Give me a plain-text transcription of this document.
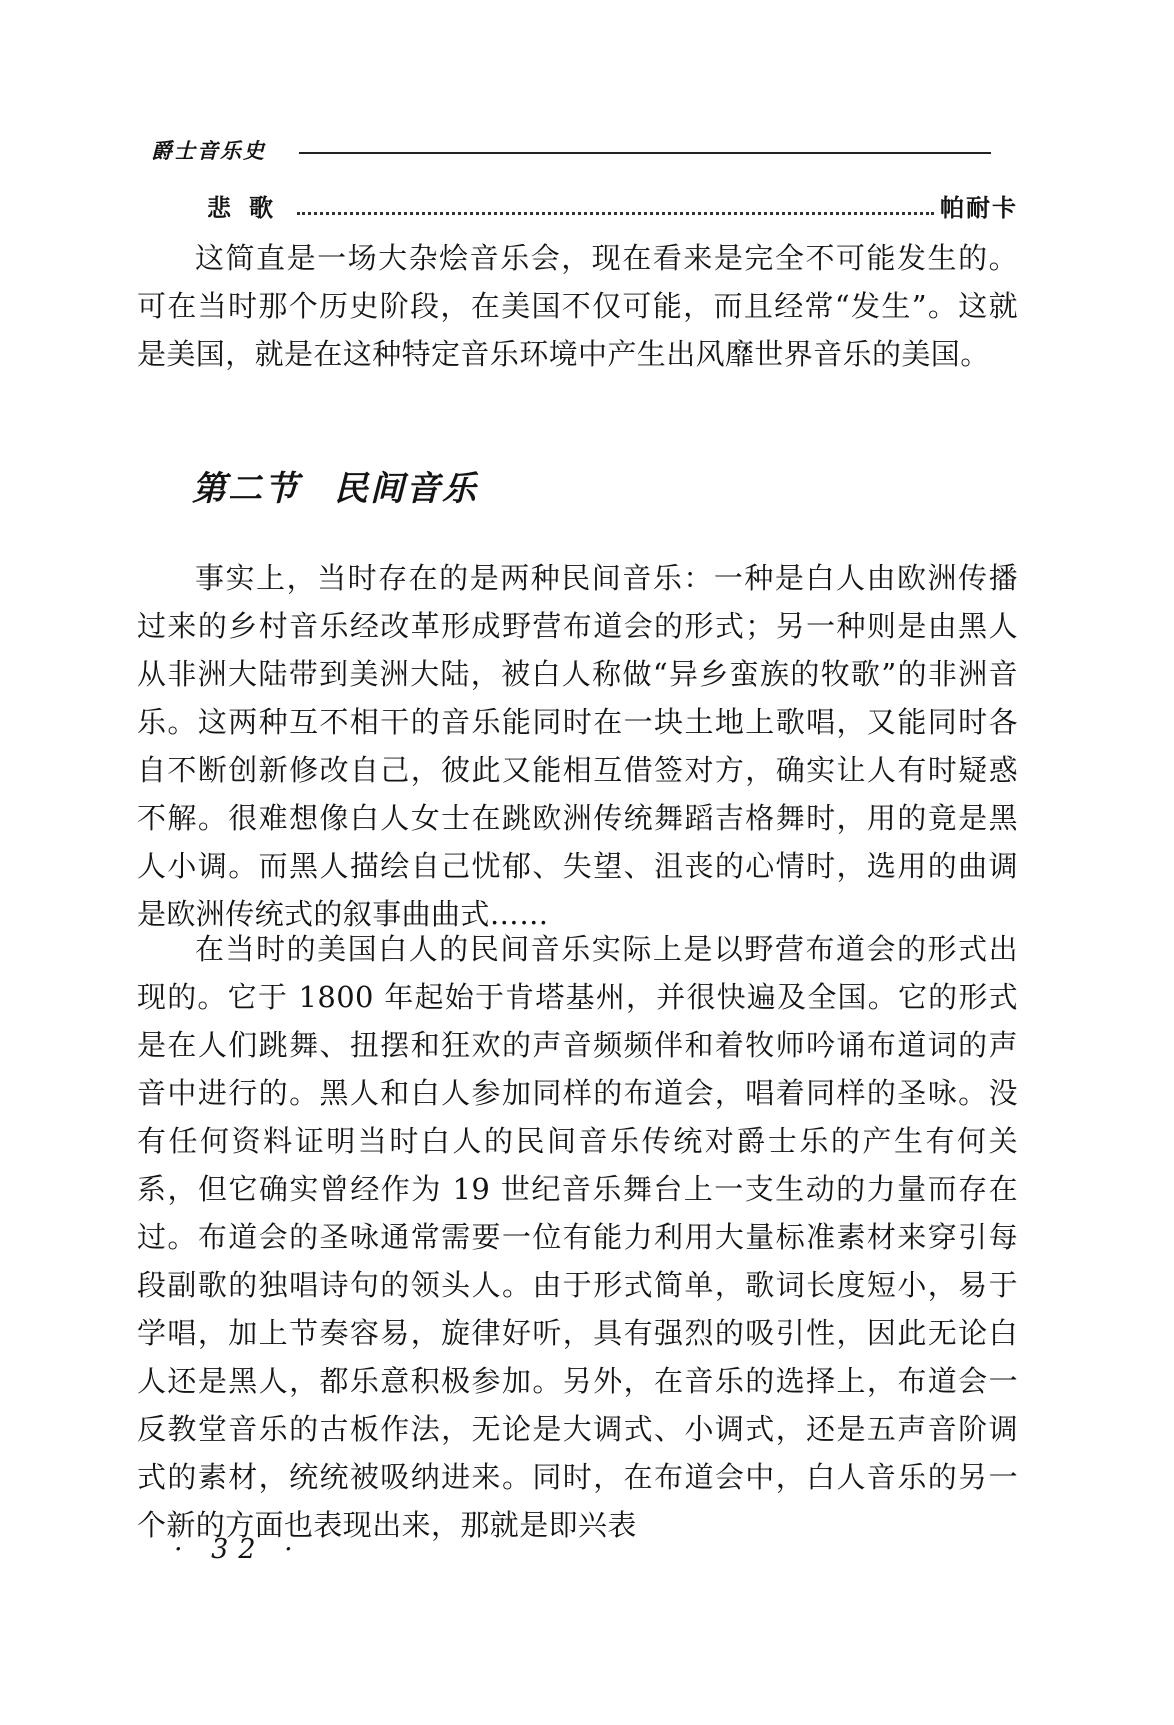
爵士音乐史
悲歌	帕耐卡

这简直是一场大杂烩音乐会，现在看来是完全不可能发生的。可在当时那个历史阶段，在美国不仅可能，而且经常“发生”。这就是美国，就是在这种特定音乐环境中产生出风靡世界音乐的美国。

第二节 民间音乐

事实上，当时存在的是两种民间音乐：一种是白人由欧洲传播过来的乡村音乐经改革形成野营布道会的形式；另一种则是由黑人从非洲大陆带到美洲大陆，被白人称做“异乡蛮族的牧歌”的非洲音乐。这两种互不相干的音乐能同时在一块土地上歌唱，又能同时各自不断创新修改自己，彼此又能相互借签对方，确实让人有时疑惑不解。很难想像白人女士在跳欧洲传统舞蹈吉格舞时，用的竟是黑人小调。而黑人描绘自己忧郁、失望、沮丧的心情时，选用的曲调是欧洲传统式的叙事曲曲式……

在当时的美国白人的民间音乐实际上是以野营布道会的形式出现的。它于 1800 年起始于肯塔基州，并很快遍及全国。它的形式是在人们跳舞、扭摆和狂欢的声音频频伴和着牧师吟诵布道词的声音中进行的。黑人和白人参加同样的布道会，唱着同样的圣咏。没有任何资料证明当时白人的民间音乐传统对爵士乐的产生有何关系，但它确实曾经作为 19 世纪音乐舞台上一支生动的力量而存在过。布道会的圣咏通常需要一位有能力利用大量标准素材来穿引每段副歌的独唱诗句的领头人。由于形式简单，歌词长度短小，易于学唱，加上节奏容易，旋律好听，具有强烈的吸引性，因此无论白人还是黑人，都乐意积极参加。另外，在音乐的选择上，布道会一反教堂音乐的古板作法，无论是大调式、小调式，还是五声音阶调式的素材，统统被吸纳进来。同时，在布道会中，白人音乐的另一个新的方面也表现出来，那就是即兴表

· 32 ·
